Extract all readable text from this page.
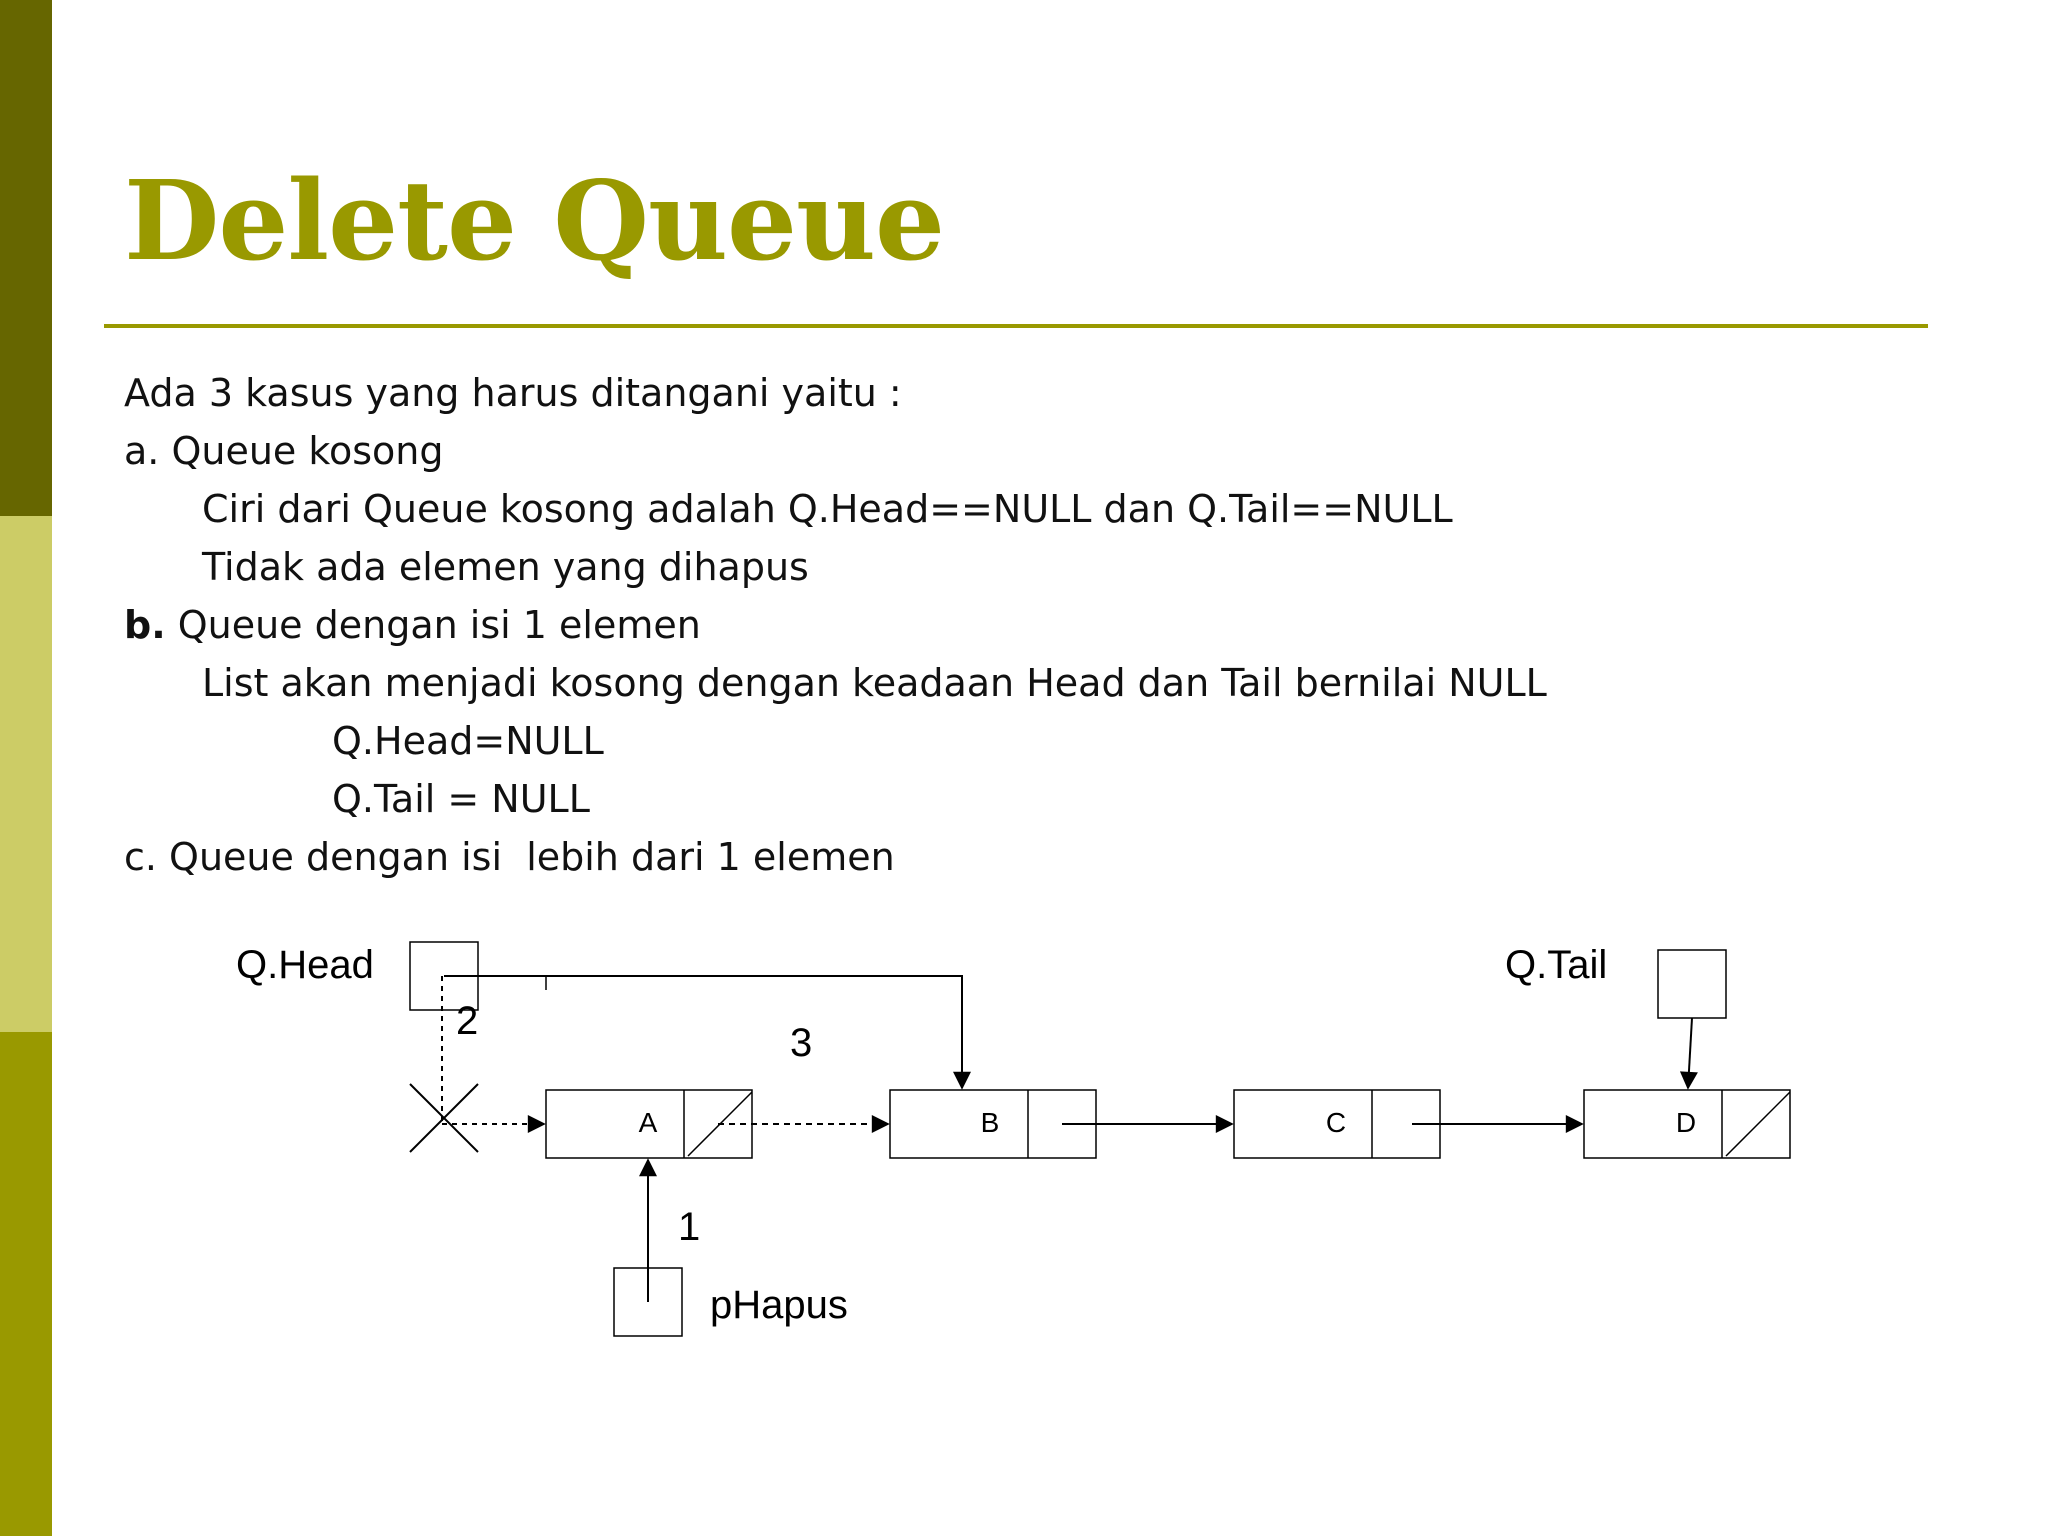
Delete Queue
Ada 3 kasus yang harus ditangani yaitu :
a. Queue kosong
Ciri dari Queue kosong adalah Q.Head==NULL dan Q.Tail==NULL
Tidak ada elemen yang dihapus
b. Queue dengan isi 1 elemen
List akan menjadi kosong dengan keadaan Head dan Tail bernilai NULL
Q.Head=NULL
Q.Tail = NULL
c. Queue dengan isi  lebih dari 1 elemen
Q.Head	Q.Tail
A	B	C	D
pHapus
1
2	3
